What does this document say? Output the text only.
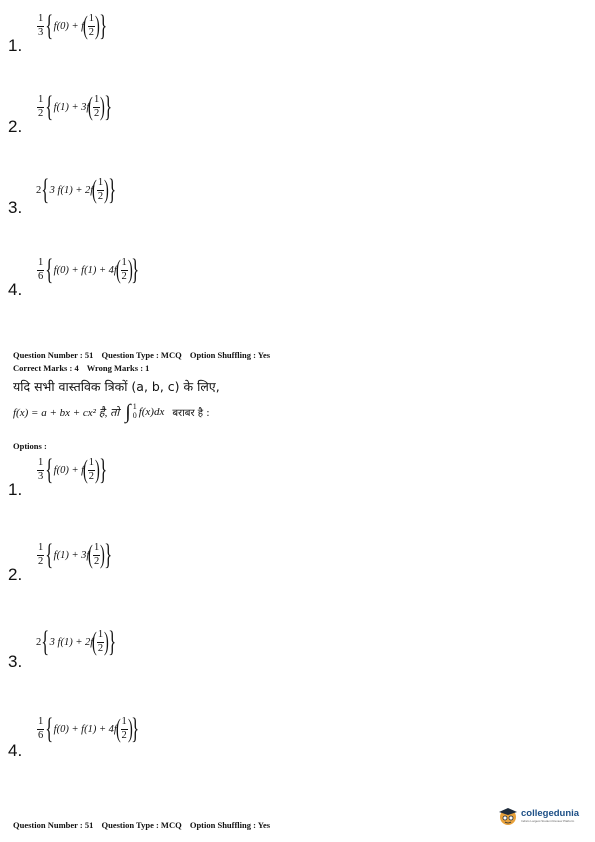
1.
$\frac{1}{3}$ { f(0) + f
( $\frac{1}{2}$ ) }
2.
$\frac{1}{2}$ { f(1) + 3f
( $\frac{1}{2}$ ) }
3.
2 { 3 f(1) + 2f
( $\frac{1}{2}$ ) }
4.
$\frac{1}{6}$ { f(0) + f(1) + 4f
( $\frac{1}{2}$ ) }
Question Number : 51 Question Type : MCQ Option Shuffling : Yes
Correct Marks : 4 Wrong Marks : 1
यदि सभी वास्तविक त्रिकों (a, b, c) के लिए,
f(x) = a + bx + cx² है, तो ∫ 1
0 f(x)dx बराबर है :
Options :
1.
$\frac{1}{3}$ { f(0) + f
( $\frac{1}{2}$ ) }
2.
$\frac{1}{2}$ { f(1) + 3f
( $\frac{1}{2}$ ) }
3.
2 { 3 f(1) + 2f
( $\frac{1}{2}$ ) }
4.
$\frac{1}{6}$ { f(0) + f(1) + 4f
( $\frac{1}{2}$ ) }
Question Number : 51 Question Type : MCQ Option Shuffling : Yes
collegedunia
India's Largest Student Review Platform
